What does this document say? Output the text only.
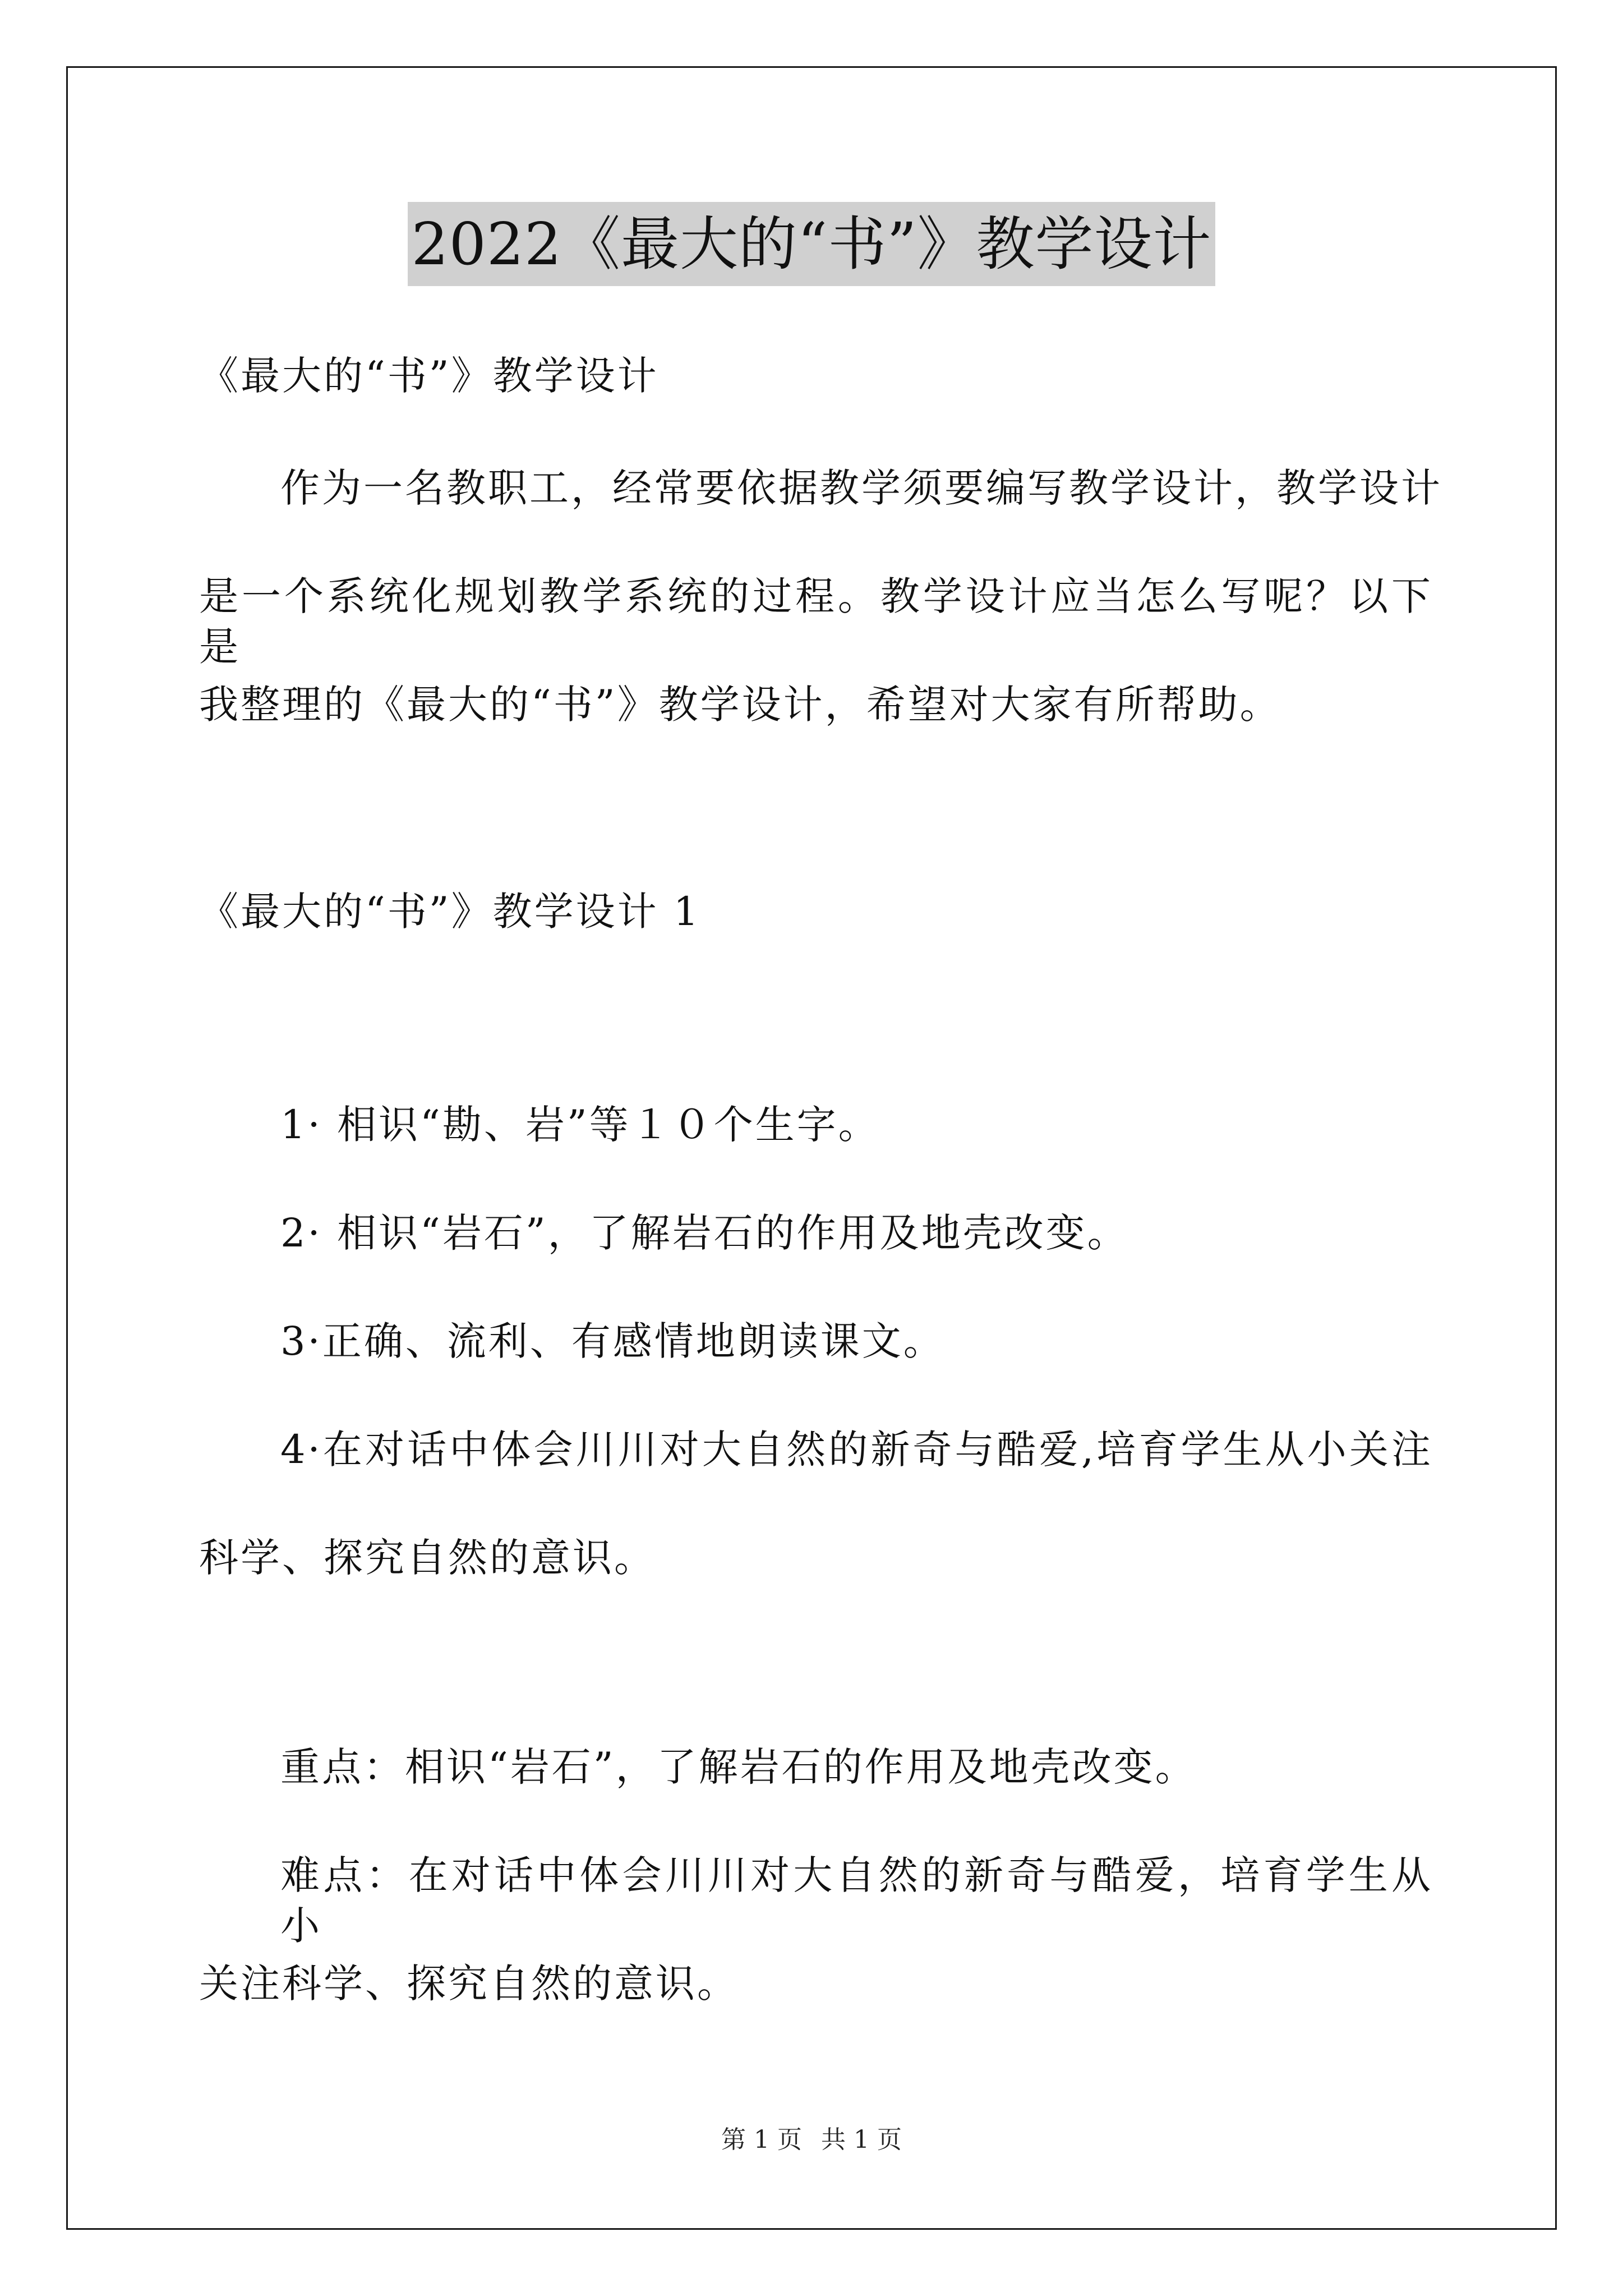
2022《最大的“书”》教学设计
《最大的“书”》教学设计
作为一名教职工，经常要依据教学须要编写教学设计，教学设计
是一个系统化规划教学系统的过程。教学设计应当怎么写呢？以下是
我整理的《最大的“书”》教学设计，希望对大家有所帮助。
《最大的“书”》教学设计 1
1· 相识“勘、岩”等１０个生字。
2· 相识“岩石”，了解岩石的作用及地壳改变。
3·正确、流利、有感情地朗读课文。
4·在对话中体会川川对大自然的新奇与酷爱,培育学生从小关注
科学、探究自然的意识。
重点：相识“岩石”，了解岩石的作用及地壳改变。
难点：在对话中体会川川对大自然的新奇与酷爱，培育学生从小
关注科学、探究自然的意识。
第 1 页 共 1 页
